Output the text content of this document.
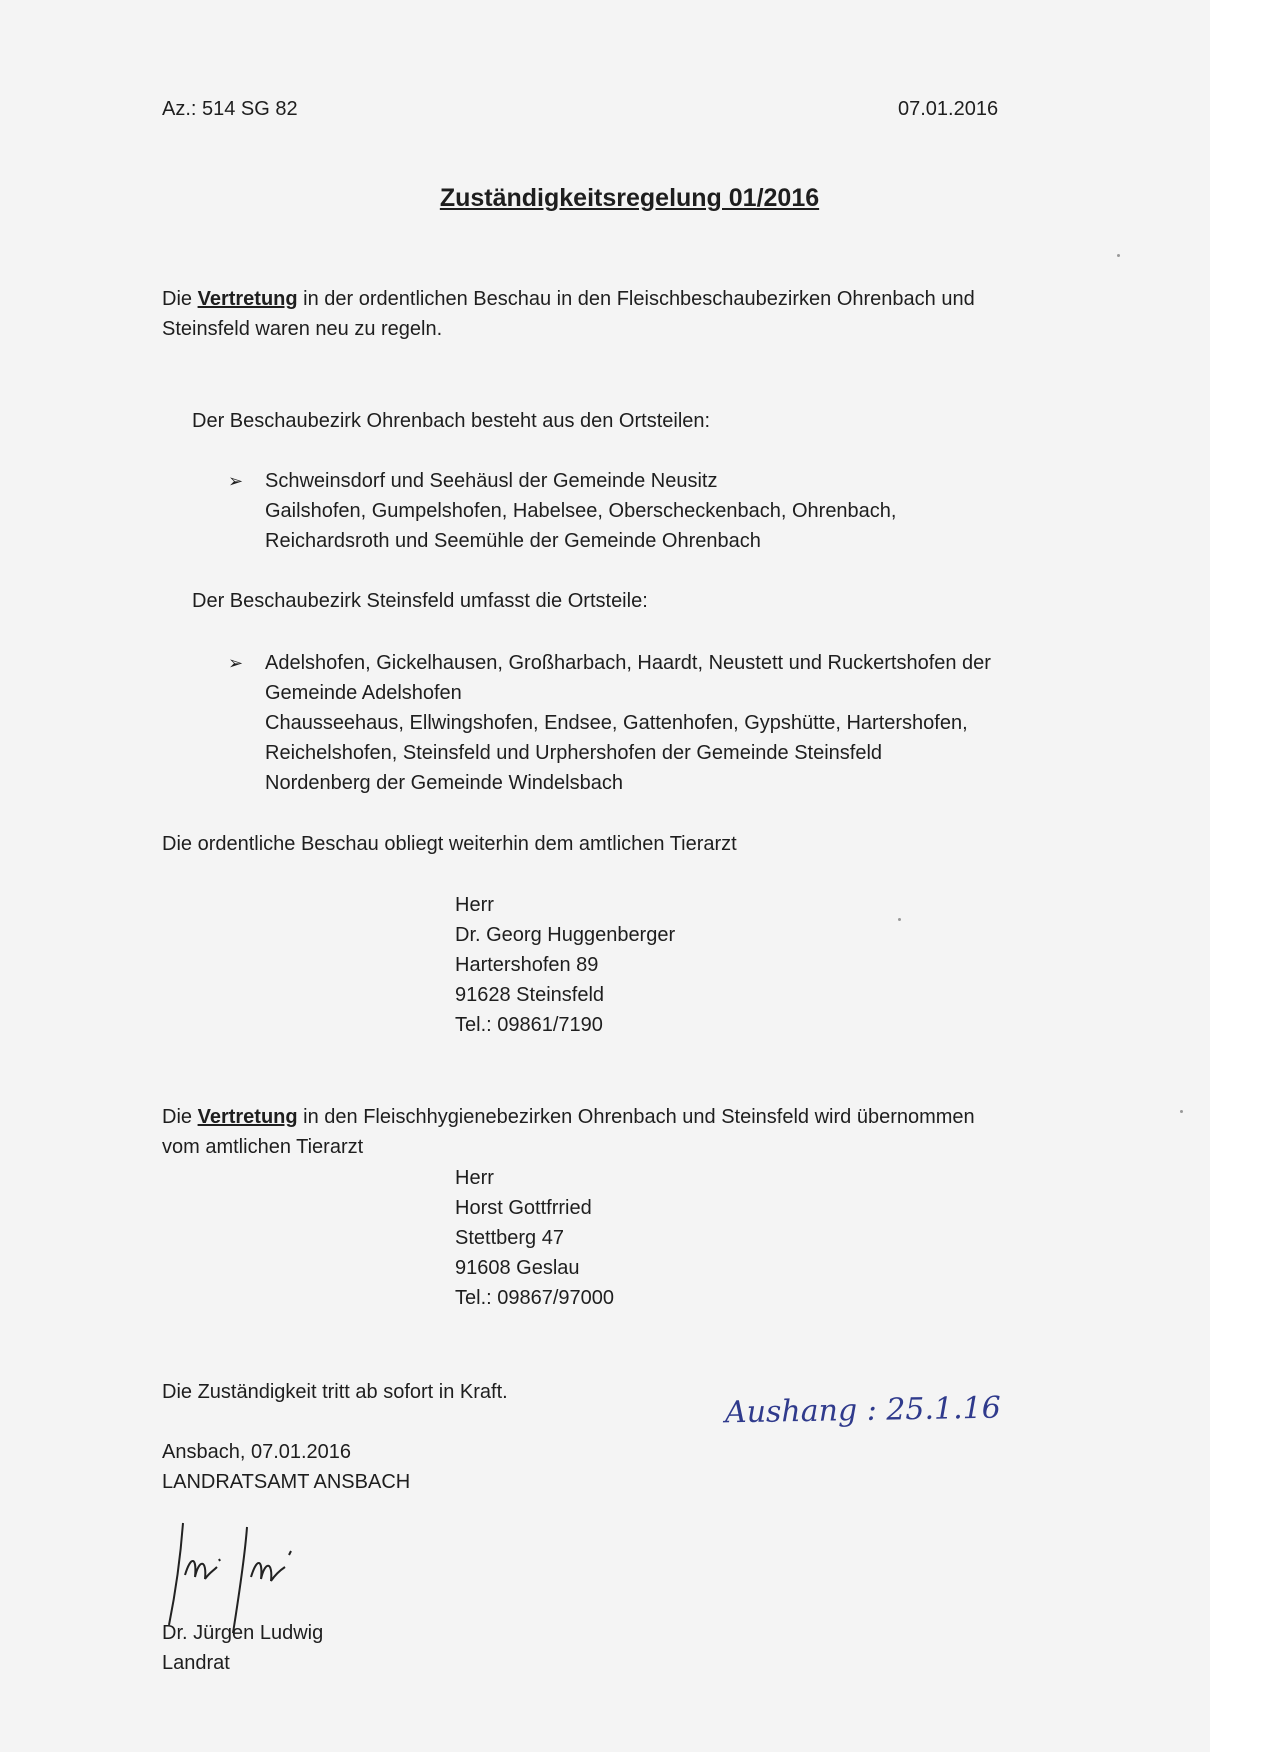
Az.: 514 SG 82	07.01.2016
Zuständigkeitsregelung 01/2016
Die Vertretung in der ordentlichen Beschau in den Fleischbeschaubezirken Ohrenbach und
Steinsfeld waren neu zu regeln.
Der Beschaubezirk Ohrenbach besteht aus den Ortsteilen:
➢ Schweinsdorf und Seehäusl der Gemeinde Neusitz
Gailshofen, Gumpelshofen, Habelsee, Oberscheckenbach, Ohrenbach,
Reichardsroth und Seemühle der Gemeinde Ohrenbach
Der Beschaubezirk Steinsfeld umfasst die Ortsteile:
➢ Adelshofen, Gickelhausen, Großharbach, Haardt, Neustett und Ruckertshofen der
Gemeinde Adelshofen
Chausseehaus, Ellwingshofen, Endsee, Gattenhofen, Gypshütte, Hartershofen,
Reichelshofen, Steinsfeld und Urphershofen der Gemeinde Steinsfeld
Nordenberg der Gemeinde Windelsbach
Die ordentliche Beschau obliegt weiterhin dem amtlichen Tierarzt
Herr
Dr. Georg Huggenberger
Hartershofen 89
91628 Steinsfeld
Tel.: 09861/7190
Die Vertretung in den Fleischhygienebezirken Ohrenbach und Steinsfeld wird übernommen
vom amtlichen Tierarzt
Herr
Horst Gottfrried
Stettberg 47
91608 Geslau
Tel.: 09867/97000
Die Zuständigkeit tritt ab sofort in Kraft.	Aushang : 25.1.16
Ansbach, 07.01.2016
LANDRATSAMT ANSBACH
Dr. Jürgen Ludwig
Landrat
